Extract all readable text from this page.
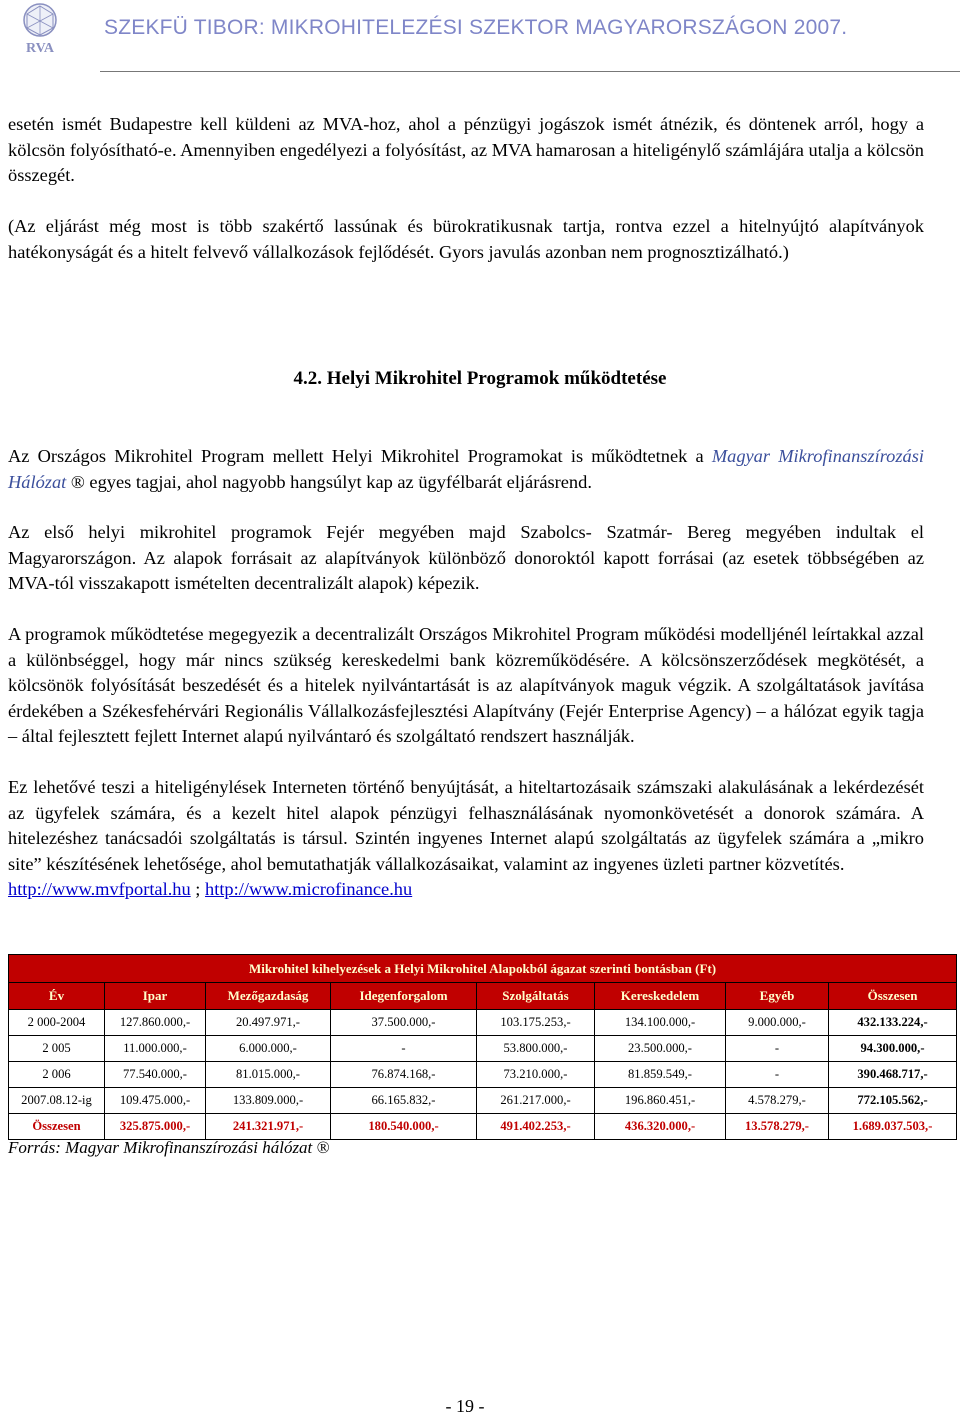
RVA
SZEKFÜ TIBOR: MIKROHITELEZÉSI SZEKTOR MAGYARORSZÁGON 2007.

esetén ismét Budapestre kell küldeni az MVA-hoz, ahol a pénzügyi jogászok ismét átnézik, és döntenek arról, hogy a kölcsön folyósítható-e. Amennyiben engedélyezi a folyósítást, az MVA hamarosan a hiteligénylő számlájára utalja a kölcsön összegét.

(Az eljárást még most is több szakértő lassúnak és bürokratikusnak tartja, rontva ezzel a hitelnyújtó alapítványok hatékonyságát és a hitelt felvevő vállalkozások fejlődését. Gyors javulás azonban nem prognosztizálható.)

4.2. Helyi Mikrohitel Programok működtetése

Az Országos Mikrohitel Program mellett Helyi Mikrohitel Programokat is működtetnek a Magyar Mikrofinanszírozási Hálózat ® egyes tagjai, ahol nagyobb hangsúlyt kap az ügyfélbarát eljárásrend.

Az első helyi mikrohitel programok Fejér megyében majd Szabolcs- Szatmár- Bereg megyében indultak el Magyarországon. Az alapok forrásait az alapítványok különböző donoroktól kapott forrásai (az esetek többségében az MVA-tól visszakapott ismételten decentralizált alapok) képezik.

A programok működtetése megegyezik a decentralizált Országos Mikrohitel Program működési modelljénél leírtakkal azzal a különbséggel, hogy már nincs szükség kereskedelmi bank közreműködésére. A kölcsönszerződések megkötését, a kölcsönök folyósítását beszedését és a hitelek nyilvántartását is az alapítványok maguk végzik. A szolgáltatások javítása érdekében a Székesfehérvári Regionális Vállalkozásfejlesztési Alapítvány (Fejér Enterprise Agency) – a hálózat egyik tagja – által fejlesztett fejlett Internet alapú nyilvántaró és szolgáltató rendszert használják.

Ez lehetővé teszi a hiteligénylések Interneten történő benyújtását, a hiteltartozásaik számszaki alakulásának a lekérdezését az ügyfelek számára, és a kezelt hitel alapok pénzügyi felhasználásának nyomonkövetését a donorok számára. A hitelezéshez tanácsadói szolgáltatás is társul. Szintén ingyenes Internet alapú szolgáltatás az ügyfelek számára a „mikro site” készítésének lehetősége, ahol bemutathatják vállalkozásaikat, valamint az ingyenes üzleti partner közvetítés.
http://www.mvfportal.hu ; http://www.microfinance.hu

Mikrohitel kihelyezések a Helyi Mikrohitel Alapokból ágazat szerinti bontásban (Ft)							
Év	Ipar	Mezőgazdaság	Idegenforgalom	Szolgáltatás	Kereskedelem	Egyéb	Összesen
2 000-2004	127.860.000,-	20.497.971,-	37.500.000,-	103.175.253,-	134.100.000,-	9.000.000,-	432.133.224,-
2 005	11.000.000,-	6.000.000,-	-	53.800.000,-	23.500.000,-	-	94.300.000,-
2 006	77.540.000,-	81.015.000,-	76.874.168,-	73.210.000,-	81.859.549,-	-	390.468.717,-
2007.08.12-ig	109.475.000,-	133.809.000,-	66.165.832,-	261.217.000,-	196.860.451,-	4.578.279,-	772.105.562,-
Összesen	325.875.000,-	241.321.971,-	180.540.000,-	491.402.253,-	436.320.000,-	13.578.279,-	1.689.037.503,-
Forrás: Magyar Mikrofinanszírozási hálózat ®
- 19 -
